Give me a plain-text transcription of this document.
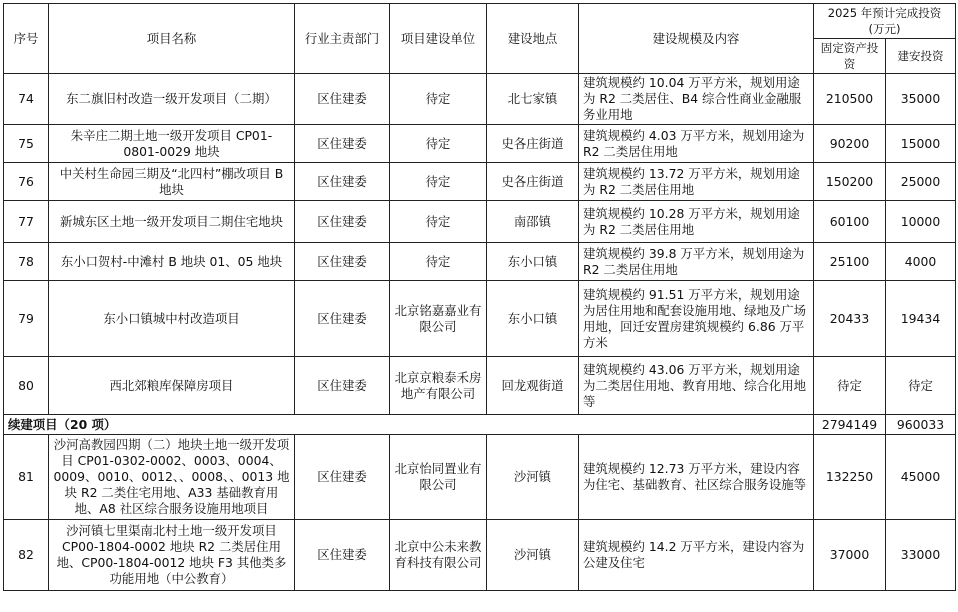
序号	项目名称	行业主责部门	项目建设单位	建设地点	建设规模及内容	2025 年预计完成投资 (万元)	
						固定资产投资	建安投资
74	东二旗旧村改造一级开发项目（二期）	区住建委	待定	北七家镇	建筑规模约 10.04 万平方米，规划用途为 R2 二类居住、B4 综合性商业金融服务业用地	210500	35000
75	朱辛庄二期土地一级开发项目 CP01-0801-0029 地块	区住建委	待定	史各庄街道	建筑规模约 4.03 万平方米，规划用途为 R2 二类居住用地	90200	15000
76	中关村生命园三期及“北四村”棚改项目 B 地块	区住建委	待定	史各庄街道	建筑规模约 13.72 万平方米，规划用途为 R2 二类居住用地	150200	25000
77	新城东区土地一级开发项目二期住宅地块	区住建委	待定	南邵镇	建筑规模约 10.28 万平方米，规划用途为 R2 二类居住用地	60100	10000
78	东小口贺村-中滩村 B 地块 01、05 地块	区住建委	待定	东小口镇	建筑规模约 39.8 万平方米，规划用途为 R2 二类居住用地	25100	4000
79	东小口镇城中村改造项目	区住建委	北京铭嘉嘉业有限公司	东小口镇	建筑规模约 91.51 万平方米，规划用途为居住用地和配套设施用地、绿地及广场用地，回迁安置房建筑规模约 6.86 万平方米	20433	19434
80	西北郊粮库保障房项目	区住建委	北京京粮泰禾房地产有限公司	回龙观街道	建筑规模约 43.06 万平方米，规划用途为二类居住用地、教育用地、综合化用地等	待定	待定
续建项目（20 项）						2794149	960033
81	沙河高教园四期（二）地块土地一级开发项目 CP01-0302-0002、0003、0004、0009、0010、0012、、0008、、0013 地块 R2 二类住宅用地、A33 基础教育用地、A8 社区综合服务设施用地项目	区住建委	北京怡同置业有限公司	沙河镇	建筑规模约 12.73 万平方米，建设内容为住宅、基础教育、社区综合服务设施等	132250	45000
82	沙河镇七里渠南北村土地一级开发项目 CP00-1804-0002 地块 R2 二类居住用地、CP00-1804-0012 地块 F3 其他类多功能用地（中公教育）	区住建委	北京中公未来教育科技有限公司	沙河镇	建筑规模约 14.2 万平方米，建设内容为公建及住宅	37000	33000
